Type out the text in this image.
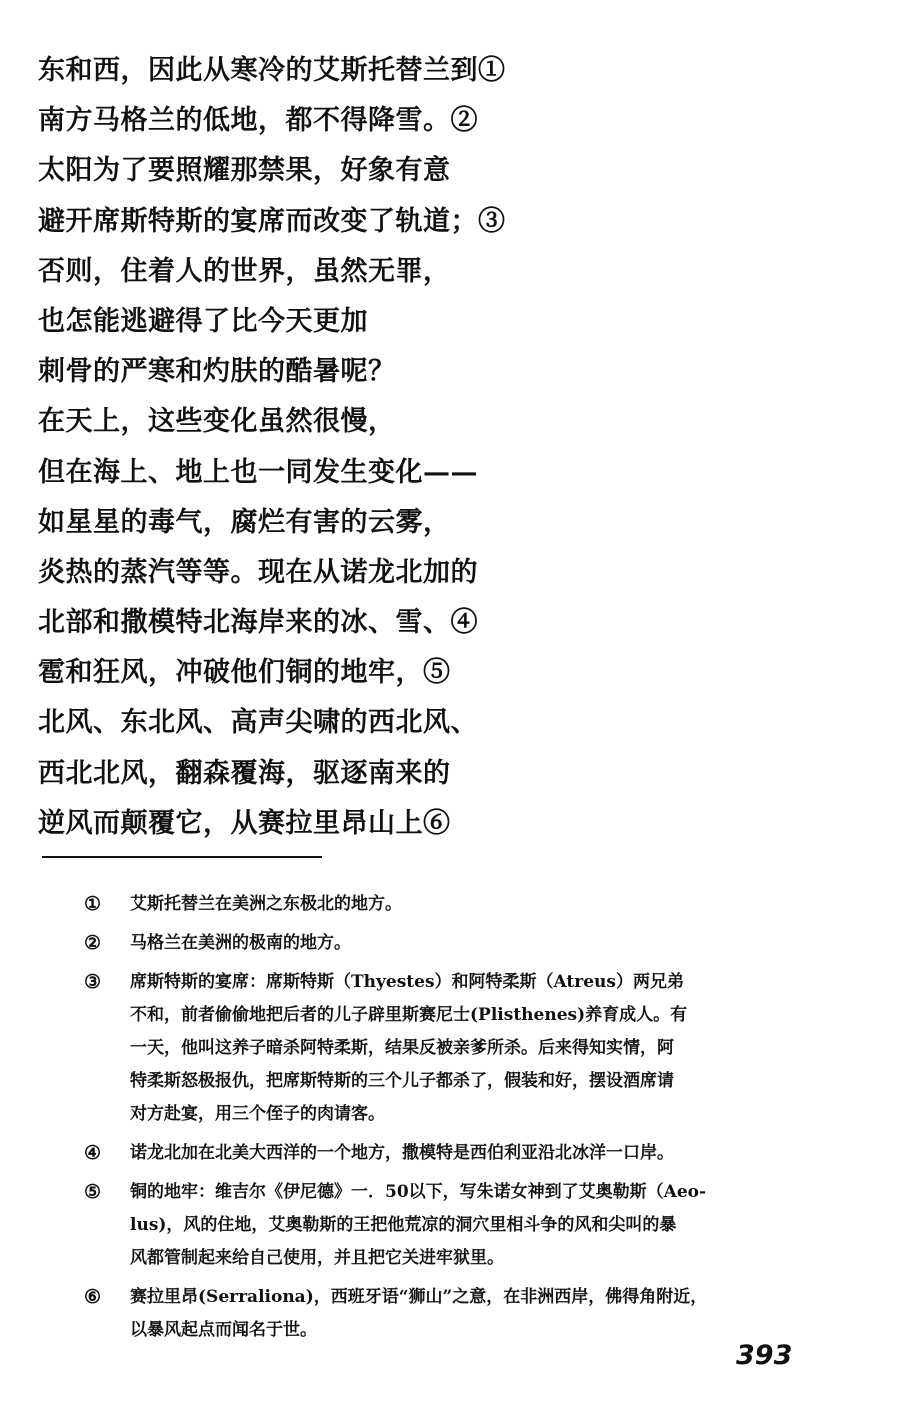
东和西，因此从寒冷的艾斯托替兰到①
南方马格兰的低地，都不得降雪。②
太阳为了要照耀那禁果，好象有意
避开席斯特斯的宴席而改变了轨道；③
否则，住着人的世界，虽然无罪，
也怎能逃避得了比今天更加
刺骨的严寒和灼肤的酷暑呢？
在天上，这些变化虽然很慢，
但在海上、地上也一同发生变化——
如星星的毒气，腐烂有害的云雾，
炎热的蒸汽等等。现在从诺龙北加的
北部和撒模特北海岸来的冰、雪、④
雹和狂风，冲破他们铜的地牢，⑤
北风、东北风、高声尖啸的西北风、
西北北风，翻森覆海，驱逐南来的
逆风而颠覆它，从赛拉里昂山上⑥
①	艾斯托替兰在美洲之东极北的地方。
②	马格兰在美洲的极南的地方。
③	席斯特斯的宴席：席斯特斯（Thyestes）和阿特柔斯（Atreus）两兄弟
不和，前者偷偷地把后者的儿子辟里斯赛尼士(Plisthenes)养育成人。有
一天，他叫这养子暗杀阿特柔斯，结果反被亲爹所杀。后来得知实情，阿
特柔斯怒极报仇，把席斯特斯的三个儿子都杀了，假装和好，摆设酒席请
对方赴宴，用三个侄子的肉请客。
④	诺龙北加在北美大西洋的一个地方，撒模特是西伯利亚沿北冰洋一口岸。
⑤	铜的地牢：维吉尔《伊尼德》一．50以下，写朱诺女神到了艾奥勒斯（Aeo-
lus)，风的住地，艾奥勒斯的王把他荒凉的洞穴里相斗争的风和尖叫的暴
风都管制起来给自己使用，并且把它关进牢狱里。
⑥	赛拉里昂(Serraliona)，西班牙语“狮山”之意，在非洲西岸，佛得角附近，
以暴风起点而闻名于世。
393
